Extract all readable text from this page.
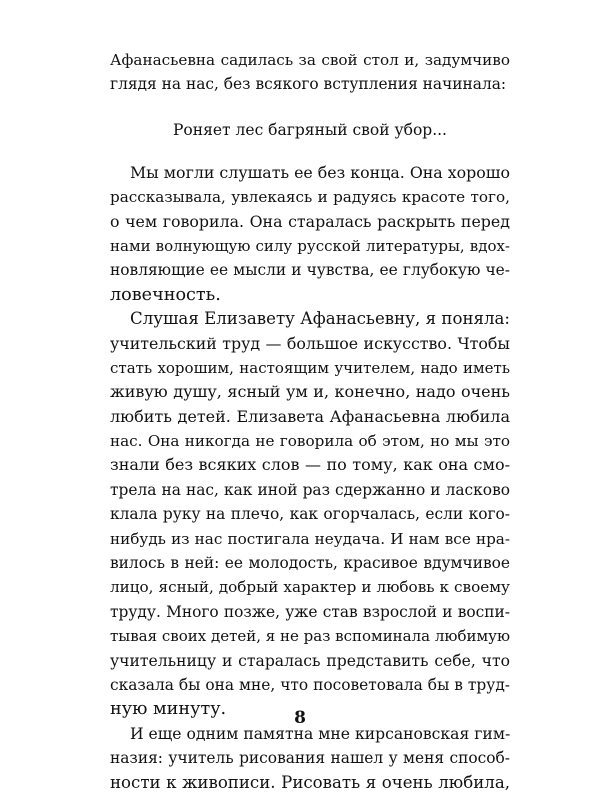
Афанасьевна садилась за свой стол и, задумчиво
глядя на нас, без всякого вступления начинала:
Роняет лес багряный свой убор...
Мы могли слушать ее без конца. Она хорошо
рассказывала, увлекаясь и радуясь красоте того,
о чем говорила. Она старалась раскрыть перед
нами волнующую силу русской литературы, вдох-
новляющие ее мысли и чувства, ее глубокую че-
ловечность.
Слушая Елизавету Афанасьевну, я поняла:
учительский труд — большое искусство. Чтобы
стать хорошим, настоящим учителем, надо иметь
живую душу, ясный ум и, конечно, надо очень
любить детей. Елизавета Афанасьевна любила
нас. Она никогда не говорила об этом, но мы это
знали без всяких слов — по тому, как она смо-
трела на нас, как иной раз сдержанно и ласково
клала руку на плечо, как огорчалась, если кого-
нибудь из нас постигала неудача. И нам все нра-
вилось в ней: ее молодость, красивое вдумчивое
лицо, ясный, добрый характер и любовь к своему
труду. Много позже, уже став взрослой и воспи-
тывая своих детей, я не раз вспоминала любимую
учительницу и старалась представить себе, что
сказала бы она мне, что посоветовала бы в труд-
ную минуту.
И еще одним памятна мне кирсановская гим-
назия: учитель рисования нашел у меня способ-
ности к живописи. Рисовать я очень любила,
8
